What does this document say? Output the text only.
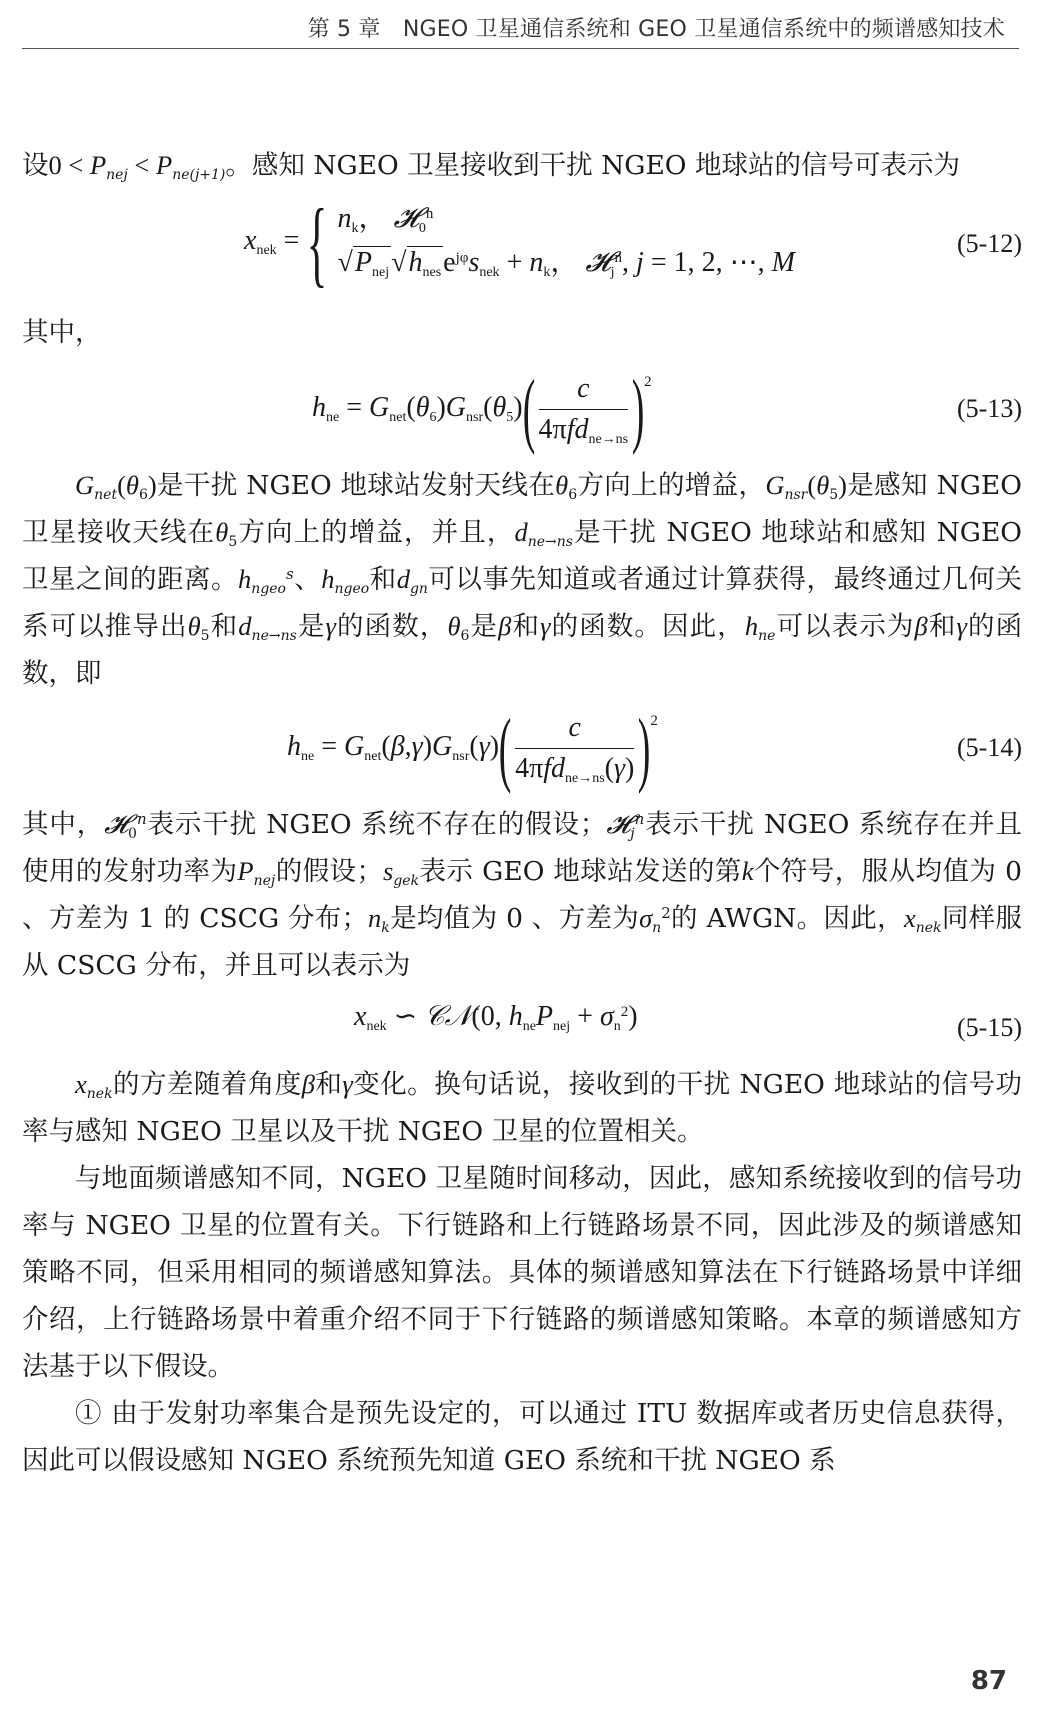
第 5 章　NGEO 卫星通信系统和 GEO 卫星通信系统中的频谱感知技术

设$0 < P_{nej} < P_{ne(j+1)}$。感知 NGEO 卫星接收到干扰 NGEO 地球站的信号可表示为

$x_{nek}$ = { $n_k$， 𝓗$_0^n$
$√P_{nej}√h_{nes}e^{j\varphi}s_{nek} + n_k$， 𝓗$_j^n$, j = 1, 2, ⋯, M
(5-12)

其中，

$h_{ne} = G_{net}(\theta_6)G_{nsr}(\theta_5)( \frac{c}{4\pi fd_{ne\to ns}} )^2$
(5-13)

$G_{net}(\theta_6)$是干扰 NGEO 地球站发射天线在$\theta_6$方向上的增益，$G_{nsr}(\theta_5)$是感知 NGEO 卫星接收天线在$\theta_5$方向上的增益，并且，$d_{ne\to ns}$是干扰 NGEO 地球站和感知 NGEO 卫星之间的距离。$h_{ngeo}^s$、$h_{ngeo}$和$d_{gn}$可以事先知道或者通过计算获得，最终通过几何关系可以推导出$\theta_5$和$d_{ne\to ns}$是γ的函数，$\theta_6$是β和γ的函数。因此，$h_{ne}$可以表示为β和γ的函数，即

$h_{ne} = G_{net}(\beta,\gamma)G_{nsr}(\gamma)( \frac{c}{4\pi fd_{ne\to ns}(\gamma)} )^2$
(5-14)

其中，𝓗$_0^n$表示干扰 NGEO 系统不存在的假设；𝓗$_j^n$表示干扰 NGEO 系统存在并且使用的发射功率为$P_{nej}$的假设；$s_{gek}$表示 GEO 地球站发送的第k个符号，服从均值为 0 、方差为 1 的 CSCG 分布；$n_k$是均值为 0 、方差为$\sigma_n^2$的 AWGN。因此，$x_{nek}$同样服从 CSCG 分布，并且可以表示为

$x_{nek}$ ∽ 𝒞𝒩(0, $h_{ne}P_{nej} + \sigma_n^2$)	(5-15)

$x_{nek}$的方差随着角度β和γ变化。换句话说，接收到的干扰 NGEO 地球站的信号功率与感知 NGEO 卫星以及干扰 NGEO 卫星的位置相关。

与地面频谱感知不同，NGEO 卫星随时间移动，因此，感知系统接收到的信号功率与 NGEO 卫星的位置有关。下行链路和上行链路场景不同，因此涉及的频谱感知策略不同，但采用相同的频谱感知算法。具体的频谱感知算法在下行链路场景中详细介绍，上行链路场景中着重介绍不同于下行链路的频谱感知策略。本章的频谱感知方法基于以下假设。

① 由于发射功率集合是预先设定的，可以通过 ITU 数据库或者历史信息获得，因此可以假设感知 NGEO 系统预先知道 GEO 系统和干扰 NGEO 系

87
